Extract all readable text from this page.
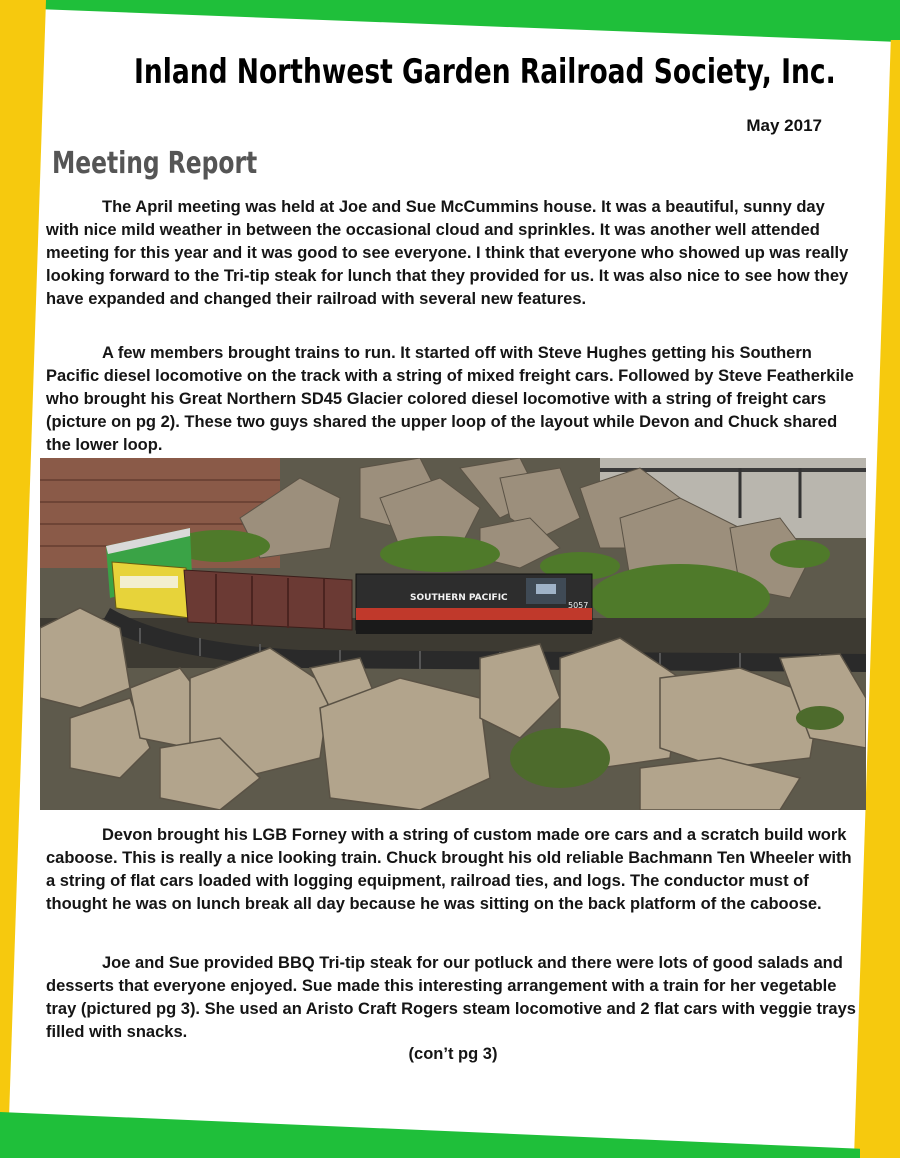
Inland Northwest Garden Railroad Society, Inc.
May 2017
Meeting Report

The April meeting was held at Joe and Sue McCummins house. It was a beautiful, sunny day with nice mild weather in between the occasional cloud and sprinkles. It was another well attended meeting for this year and it was good to see everyone. I think that everyone who showed up was really looking forward to the Tri-tip steak for lunch that they provided for us. It was also nice to see how they have expanded and changed their railroad with several new features.

A few members brought trains to run. It started off with Steve Hughes getting his Southern Pacific diesel locomotive on the track with a string of mixed freight cars. Followed by Steve Featherkile who brought his Great Northern SD45 Glacier colored diesel locomotive with a string of freight cars (picture on pg 2). These two guys shared the upper loop of the layout while Devon and Chuck shared the lower loop.

SOUTHERN PACIFIC
5057

Devon brought his LGB Forney with a string of custom made ore cars and a scratch build work caboose. This is really a nice looking train. Chuck brought his old reliable Bachmann Ten Wheeler with a string of flat cars loaded with logging equipment, railroad ties, and logs. The conductor must of thought he was on lunch break all day because he was sitting on the back platform of the caboose.

Joe and Sue provided BBQ Tri-tip steak for our potluck and there were lots of good salads and desserts that everyone enjoyed. Sue made this interesting arrangement with a train for her vegetable tray (pictured pg 3). She used an Aristo Craft Rogers steam locomotive and 2 flat cars with veggie trays filled with snacks.

(con’t pg 3)
